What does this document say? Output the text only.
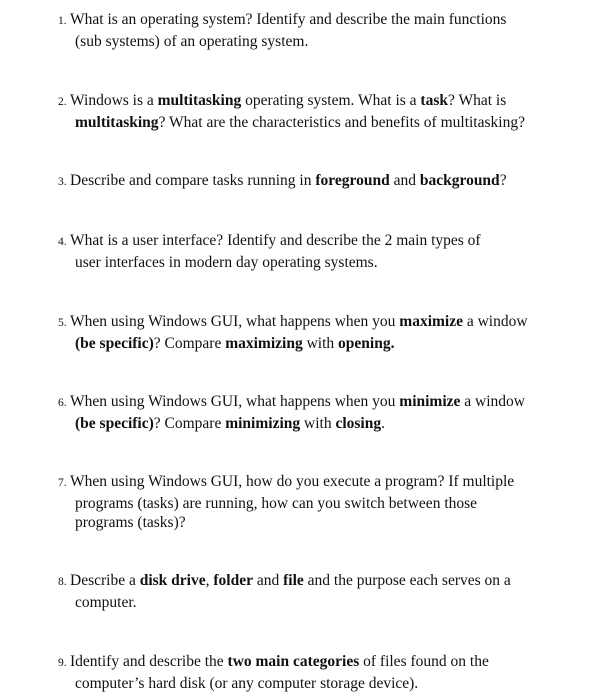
1. What is an operating system? Identify and describe the main functions
(sub systems) of an operating system.
2. Windows is a multitasking operating system. What is a task? What is
multitasking? What are the characteristics and benefits of multitasking?
3. Describe and compare tasks running in foreground and background?
4. What is a user interface? Identify and describe the 2 main types of
user interfaces in modern day operating systems.
5. When using Windows GUI, what happens when you maximize a window
(be specific)? Compare maximizing with opening.
6. When using Windows GUI, what happens when you minimize a window
(be specific)? Compare minimizing with closing.
7. When using Windows GUI, how do you execute a program? If multiple
programs (tasks) are running, how can you switch between those
programs (tasks)?
8. Describe a disk drive, folder and file and the purpose each serves on a
computer.
9. Identify and describe the two main categories of files found on the
computer’s hard disk (or any computer storage device).
